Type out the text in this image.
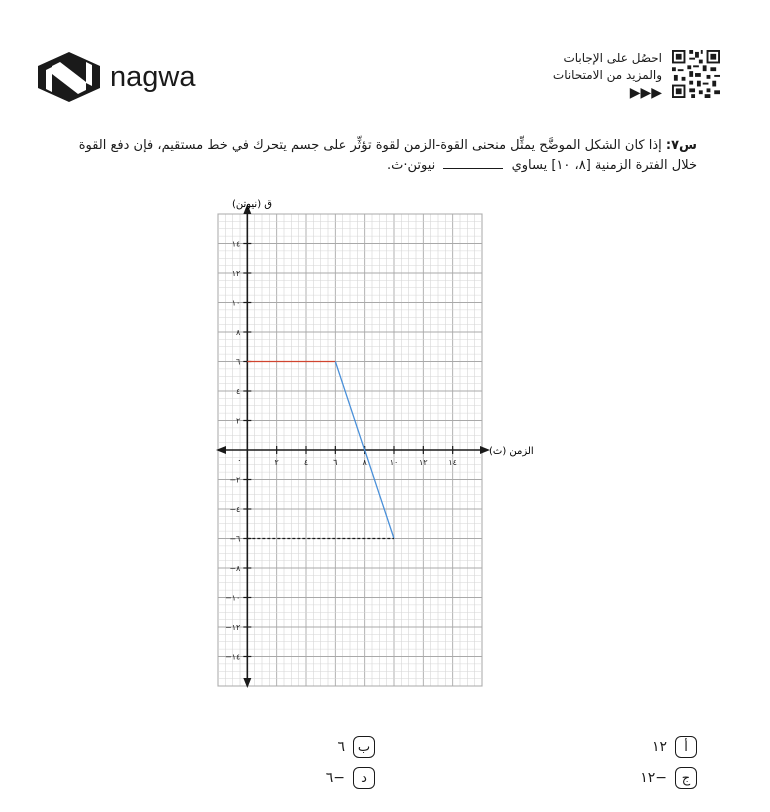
nagwa
احصُل على الإجابات
والمزيد من الامتحانات
▶▶▶
س٧: إذا كان الشكل الموضَّح يمثِّل منحنى القوة-الزمن لقوة تؤثِّر على جسم يتحرك في خط مستقيم، فإن دفع القوة خلال الفترة الزمنية [٨، ١٠] يساوي  نيوتن·ث.
٢	٤	٦	٨	١٠	١٢	١٤
٢
−٢
٤
−٤
٦
−٦
٨
−٨
١٠
−١٠
١٢
−١٢
١٤
−١٤
ق (نيوتن)
الزمن (ث)
٠
أ
١٢
ب
٦
ج
−١٢
د
−٦
